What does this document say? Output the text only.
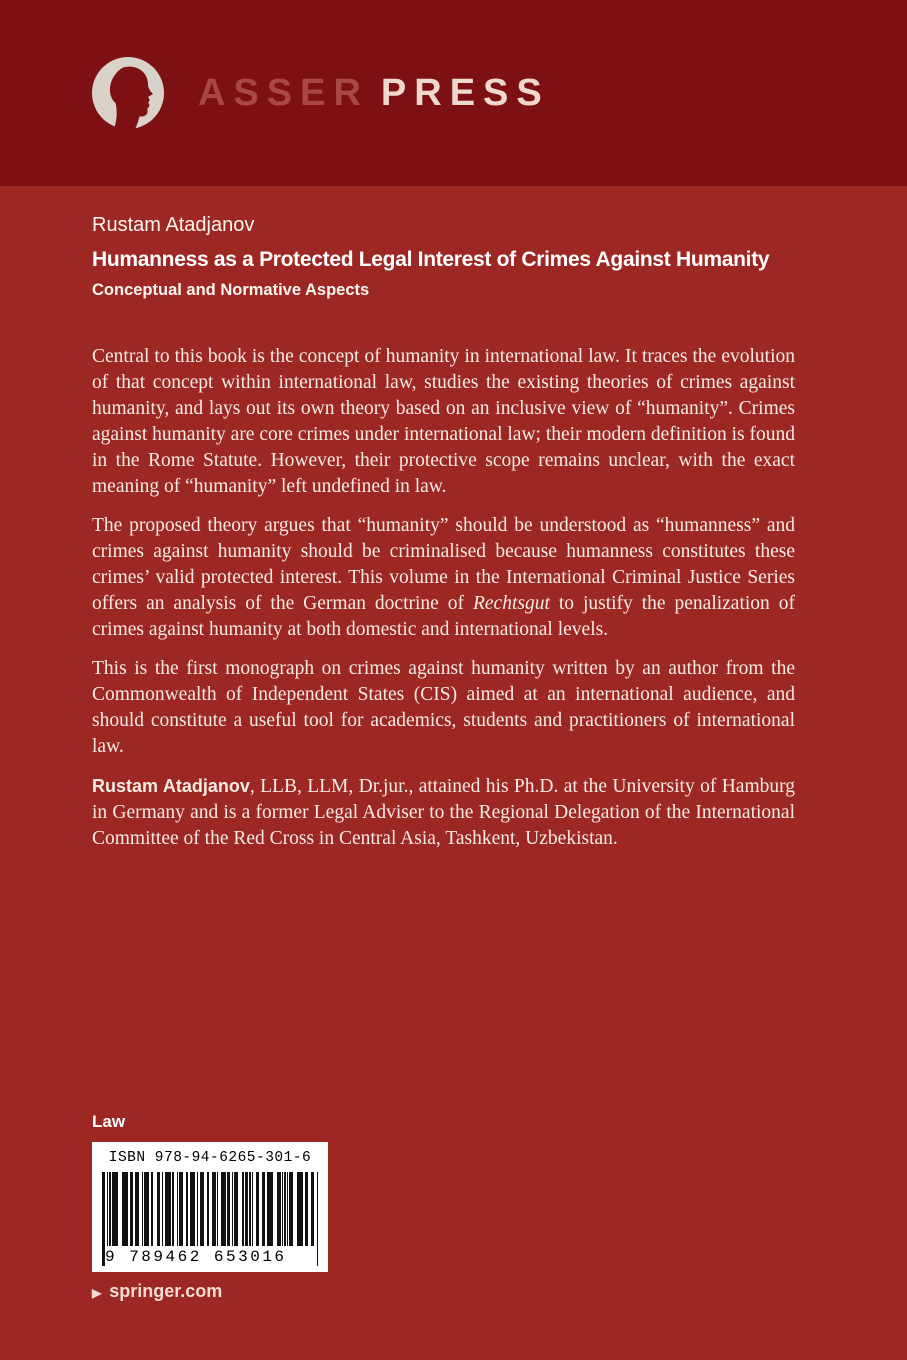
ASSER PRESS
Rustam Atadjanov
Humanness as a Protected Legal Interest of Crimes Against Humanity
Conceptual and Normative Aspects

Central to this book is the concept of humanity in international law. It traces the evolution of that concept within international law, studies the existing theories of crimes against humanity, and lays out its own theory based on an inclusive view of “humanity”. Crimes against humanity are core crimes under international law; their modern definition is found in the Rome Statute. However, their protective scope remains unclear, with the exact meaning of “humanity” left undefined in law.

The proposed theory argues that “humanity” should be understood as “humanness” and crimes against humanity should be criminalised because humanness constitutes these crimes’ valid protected interest. This volume in the International Criminal Justice Series offers an analysis of the German doctrine of Rechtsgut to justify the penalization of crimes against humanity at both domestic and international levels.

This is the first monograph on crimes against humanity written by an author from the Commonwealth of Independent States (CIS) aimed at an international audience, and should constitute a useful tool for academics, students and practitioners of international law.

Rustam Atadjanov, LLB, LLM, Dr.jur., attained his Ph.D. at the University of Hamburg in Germany and is a former Legal Adviser to the Regional Delegation of the International Committee of the Red Cross in Central Asia, Tashkent, Uzbekistan.

Law
ISBN 978-94-6265-301-6
9 789462 653016
▶ springer.com
